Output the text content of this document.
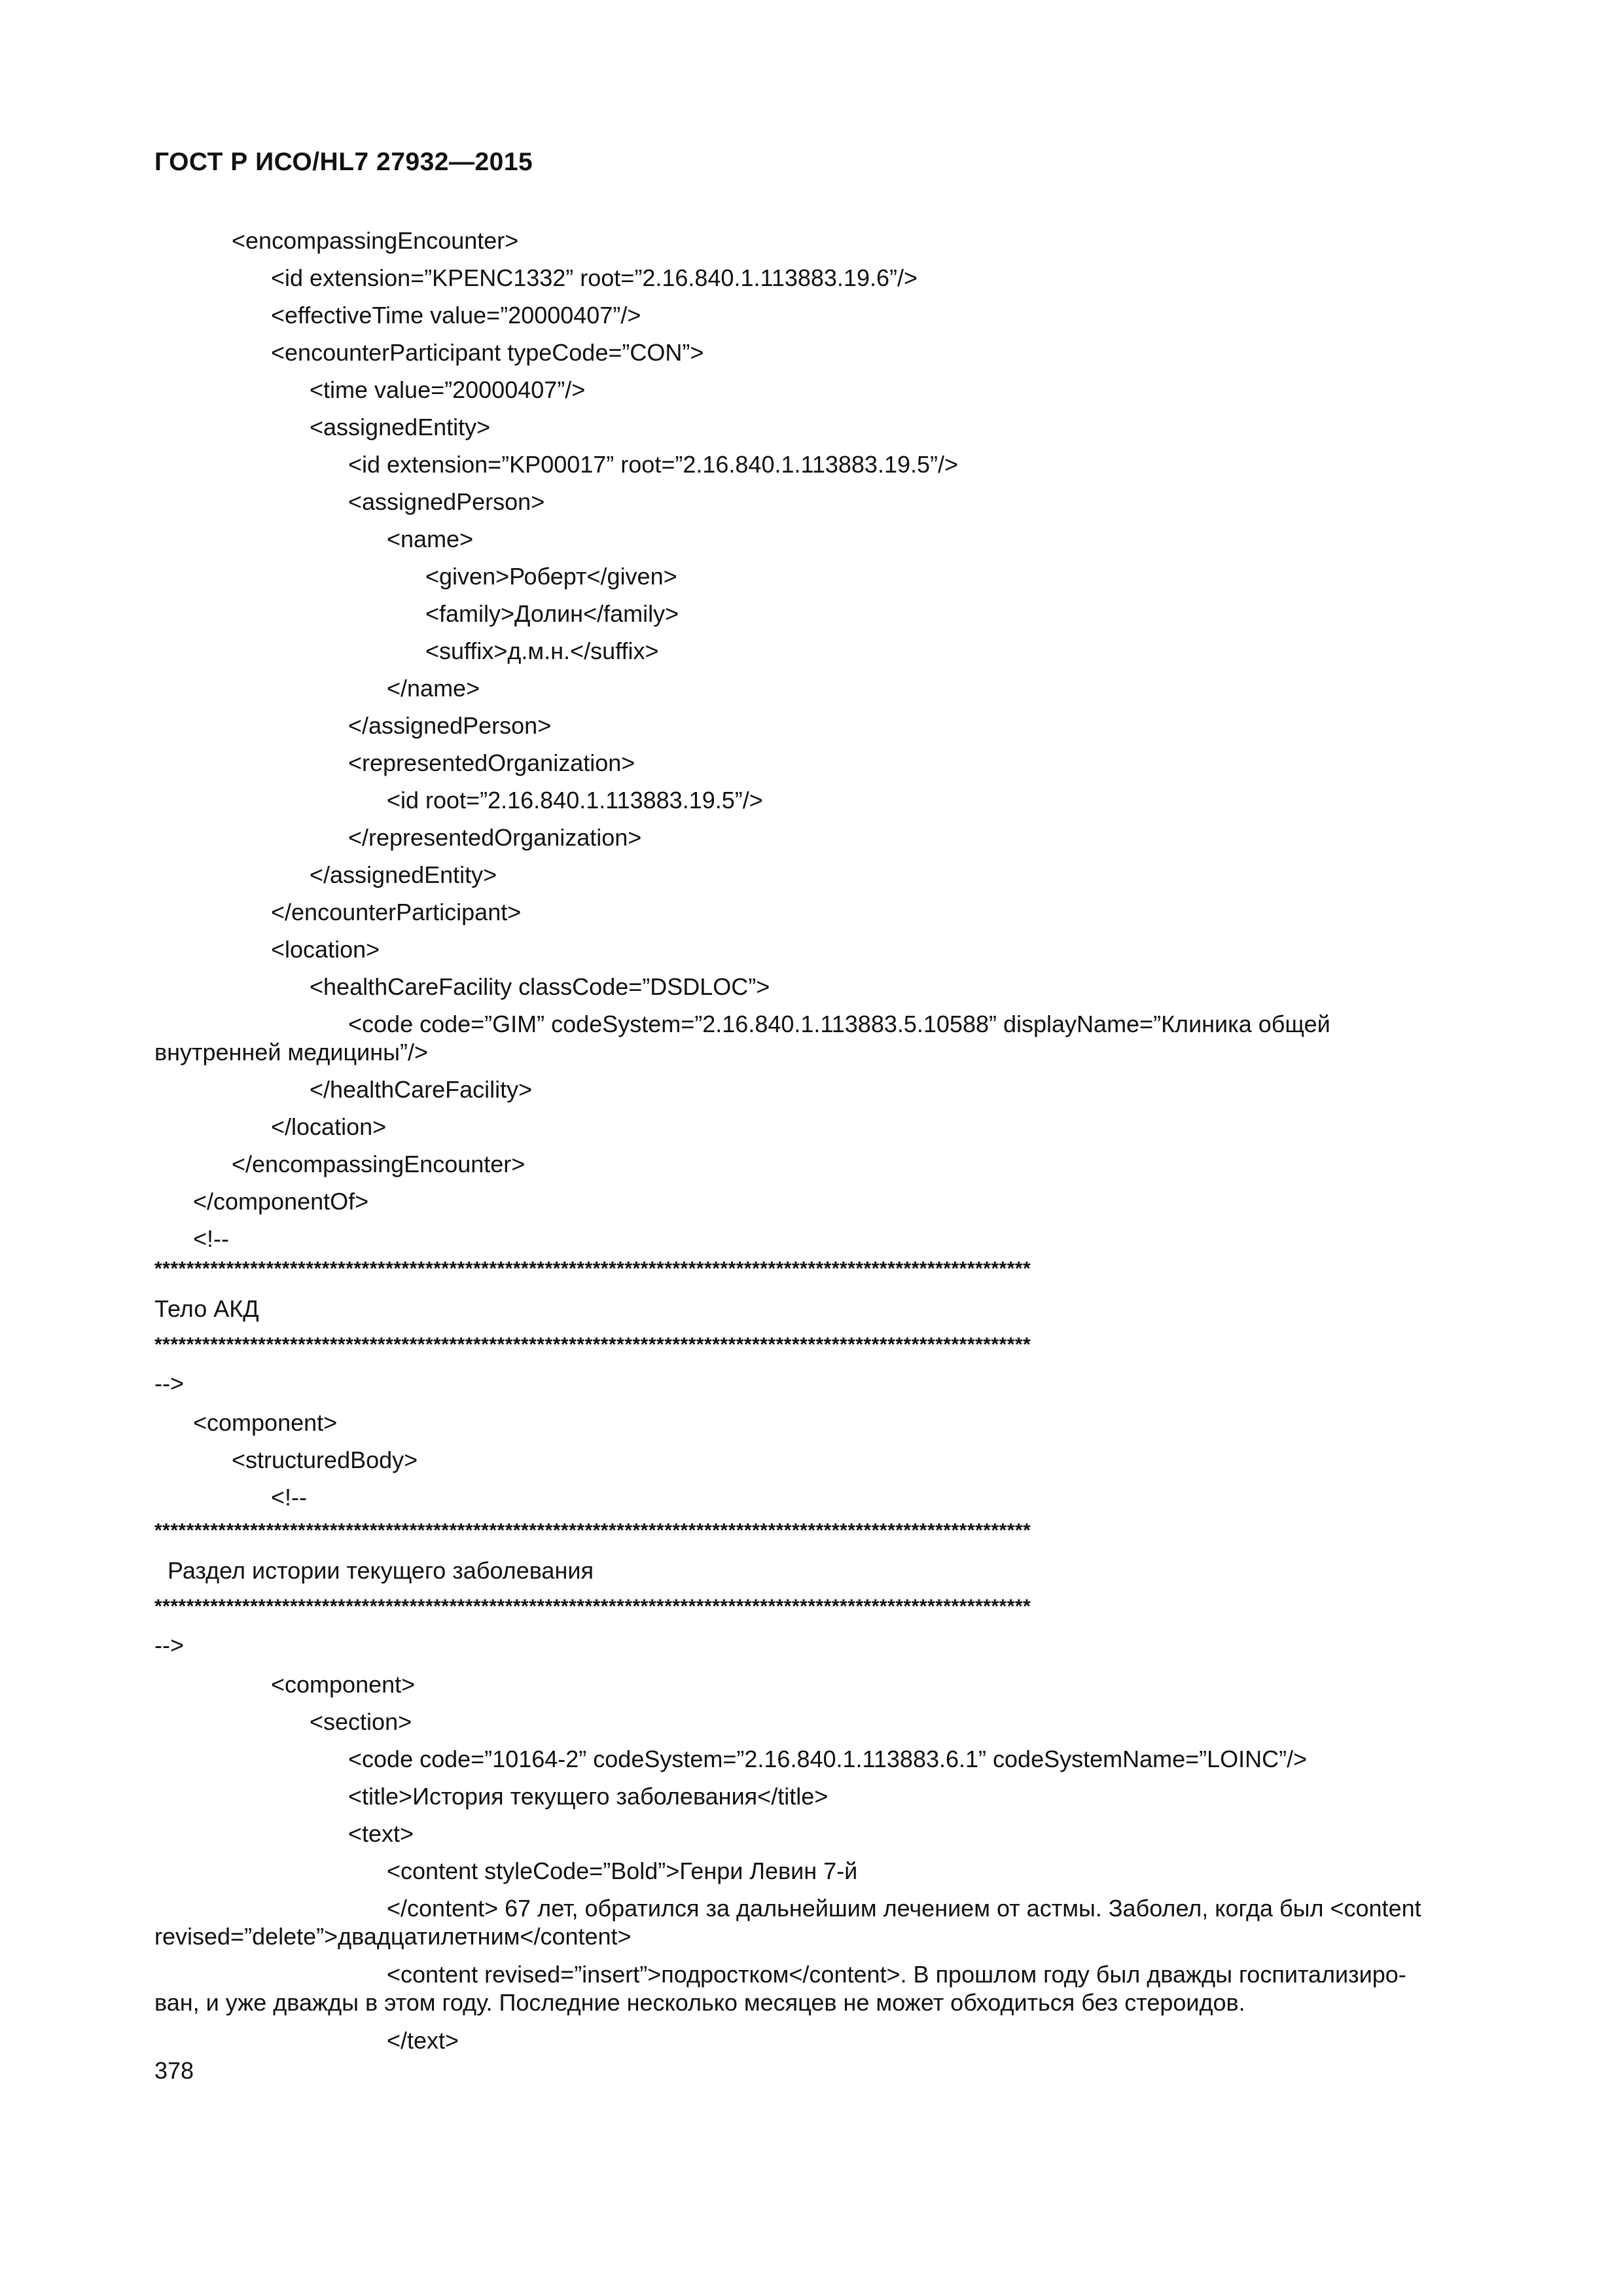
ГОСТ Р ИСО/HL7 27932—2015
<encompassingEncounter>
<id extension=”KPENC1332” root=”2.16.840.1.113883.19.6”/>
<effectiveTime value=”20000407”/>
<encounterParticipant typeCode=”CON”>
<time value=”20000407”/>
<assignedEntity>
<id extension=”KP00017” root=”2.16.840.1.113883.19.5”/>
<assignedPerson>
<name>
<given>Роберт</given>
<family>Долин</family>
<suffix>д.м.н.</suffix>
</name>
</assignedPerson>
<representedOrganization>
<id root=”2.16.840.1.113883.19.5”/>
</representedOrganization>
</assignedEntity>
</encounterParticipant>
<location>
<healthCareFacility classCode=”DSDLOC”>
<code code=”GIM” codeSystem=”2.16.840.1.113883.5.10588” displayName=”Клиника общей
внутренней медицины”/>
</healthCareFacility>
</location>
</encompassingEncounter>
</componentOf>
<!--
**************************************************************************************************************
Тело АКД
**************************************************************************************************************
-->
<component>
<structuredBody>
<!--
**************************************************************************************************************
Раздел истории текущего заболевания
**************************************************************************************************************
-->
<component>
<section>
<code code=”10164-2” codeSystem=”2.16.840.1.113883.6.1” codeSystemName=”LOINC”/>
<title>История текущего заболевания</title>
<text>
<content styleCode=”Bold”>Генри Левин 7-й
</content> 67 лет, обратился за дальнейшим лечением от астмы. Заболел, когда был <content
revised=”delete”>двадцатилетним</content>
<content revised=”insert”>подростком</content>. В прошлом году был дважды госпитализиро-
ван, и уже дважды в этом году. Последние несколько месяцев не может обходиться без стероидов.
</text>
378
